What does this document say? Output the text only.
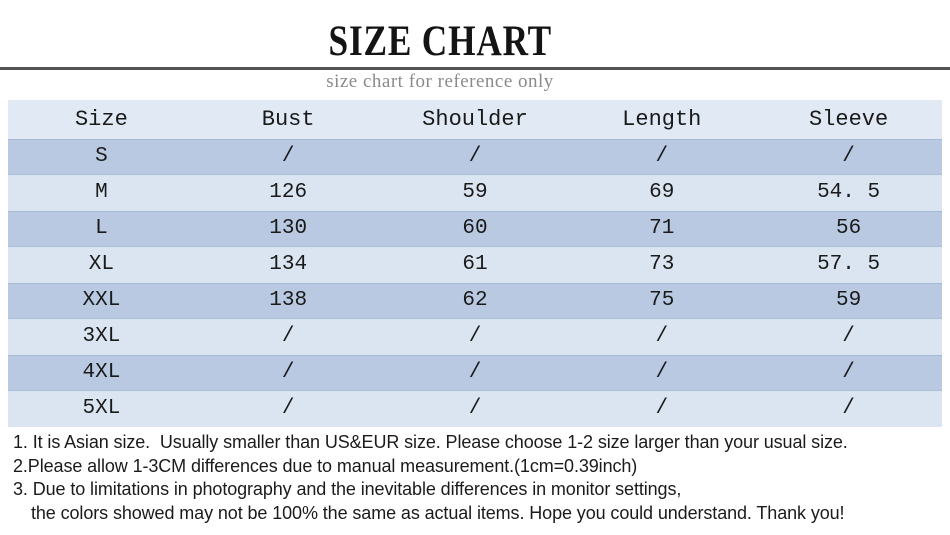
SIZE CHART
size chart for reference only
Size	Bust	Shoulder	Length	Sleeve
S	/	/	/	/
M	126	59	69	54. 5
L	130	60	71	56
XL	134	61	73	57. 5
XXL	138	62	75	59
3XL	/	/	/	/
4XL	/	/	/	/
5XL	/	/	/	/
1. It is Asian size.  Usually smaller than US&EUR size. Please choose 1-2 size larger than your usual size.
2.Please allow 1-3CM differences due to manual measurement.(1cm=0.39inch)
3. Due to limitations in photography and the inevitable differences in monitor settings,
the colors showed may not be 100% the same as actual items. Hope you could understand. Thank you!
